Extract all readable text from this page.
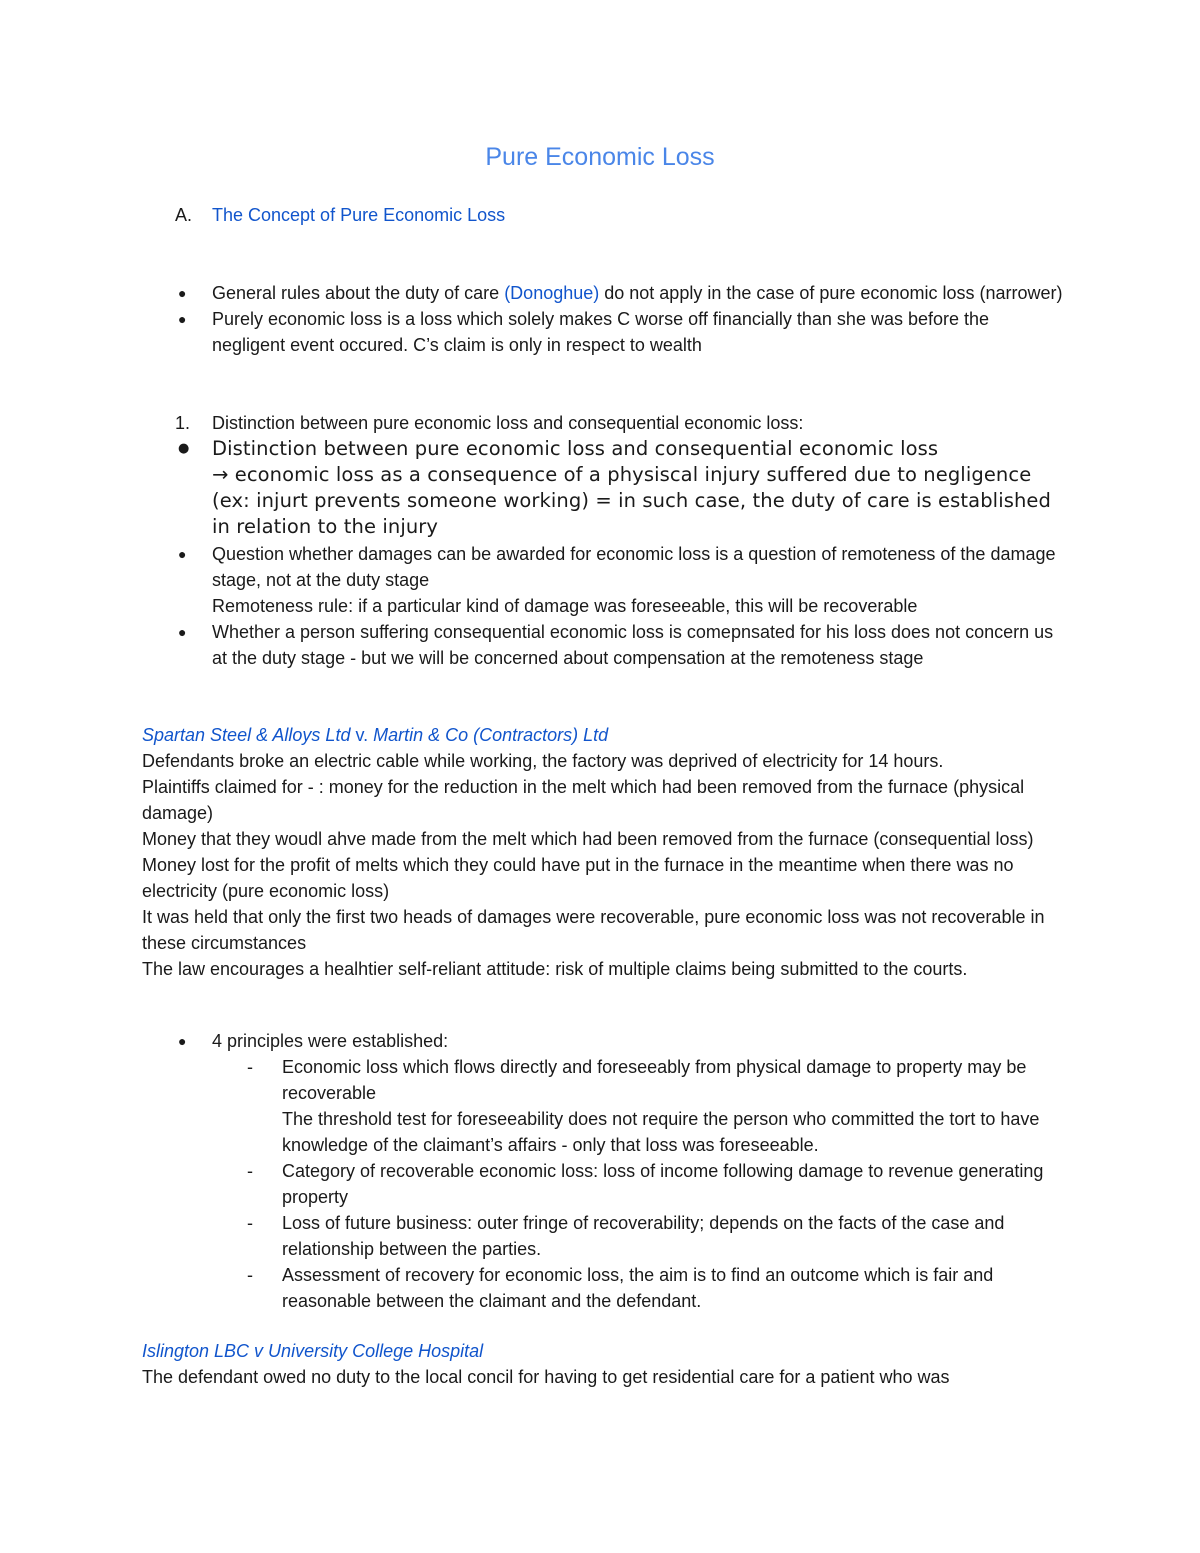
Pure Economic Loss
A. The Concept of Pure Economic Loss
● General rules about the duty of care (Donoghue) do not apply in the case of pure economic loss (narrower)
● Purely economic loss is a loss which solely makes C worse off financially than she was before the negligent event occured. C’s claim is only in respect to wealth
1. Distinction between pure economic loss and consequential economic loss:
● Distinction between pure economic loss and consequential economic loss
→ economic loss as a consequence of a physiscal injury suffered due to negligence
(ex: injurt prevents someone working) = in such case, the duty of care is established
in relation to the injury
● Question whether damages can be awarded for economic loss is a question of remoteness of the damage stage, not at the duty stage
Remoteness rule: if a particular kind of damage was foreseeable, this will be recoverable
● Whether a person suffering consequential economic loss is comepnsated for his loss does not concern us at the duty stage - but we will be concerned about compensation at the remoteness stage
Spartan Steel & Alloys Ltd v. Martin & Co (Contractors) Ltd
Defendants broke an electric cable while working, the factory was deprived of electricity for 14 hours.
Plaintiffs claimed for - : money for the reduction in the melt which had been removed from the furnace (physical damage)
Money that they woudl ahve made from the melt which had been removed from the furnace (consequential loss)
Money lost for the profit of melts which they could have put in the furnace in the meantime when there was no electricity (pure economic loss)
It was held that only the first two heads of damages were recoverable, pure economic loss was not recoverable in these circumstances
The law encourages a healhtier self-reliant attitude: risk of multiple claims being submitted to the courts.
● 4 principles were established:
- Economic loss which flows directly and foreseeably from physical damage to property may be recoverable
The threshold test for foreseeability does not require the person who committed the tort to have knowledge of the claimant’s affairs - only that loss was foreseeable.
- Category of recoverable economic loss: loss of income following damage to revenue generating property
- Loss of future business: outer fringe of recoverability; depends on the facts of the case and relationship between the parties.
- Assessment of recovery for economic loss, the aim is to find an outcome which is fair and reasonable between the claimant and the defendant.
Islington LBC v University College Hospital
The defendant owed no duty to the local concil for having to get residential care for a patient who was
